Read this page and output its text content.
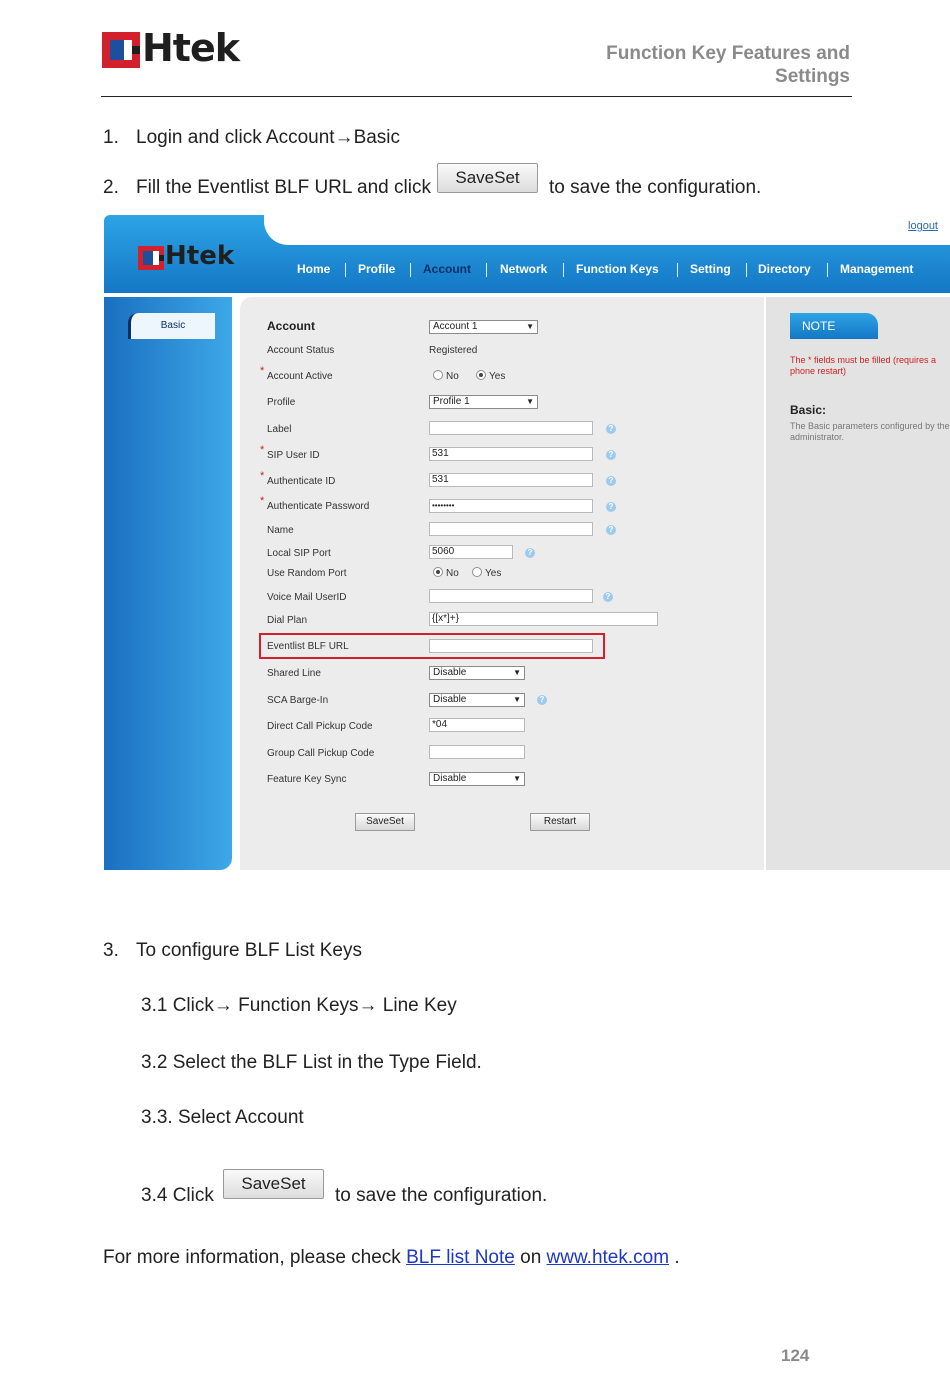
Htek	Function Key Features and
Settings
1. Login and click Account→Basic
2. Fill the Eventlist BLF URL and click	SaveSet	to save the configuration.
logout
Htek	Home Profile Account Network Function Keys	Setting Directory Management
Basic	Account	Account 1	▼
Account Status	Registered
* Account Active	No	Yes
Profile	Profile 1	▼
Label	?
* SIP User ID	531	?
* Authenticate ID	531	?
* Authenticate Password	••••••••	?
Name	?
Local SIP Port	5060	?
Use Random Port	No	Yes
Voice Mail UserID	?
Dial Plan	{[x*]+}
Eventlist BLF URL
Shared Line	Disable	▼
SCA Barge-In	Disable	▼	?
Direct Call Pickup Code	*04
Group Call Pickup Code
Feature Key Sync	Disable	▼
SaveSet	Restart
NOTE
The * fields must be filled (requires a phone restart)
Basic:
The Basic parameters configured by the administrator.
3. To configure BLF List Keys
3.1 Click→ Function Keys→ Line Key
3.2 Select the BLF List in the Type Field.
3.3. Select Account
3.4 Click
SaveSet
to save the configuration.
For more information, please check BLF list Note on www.htek.com .
124
